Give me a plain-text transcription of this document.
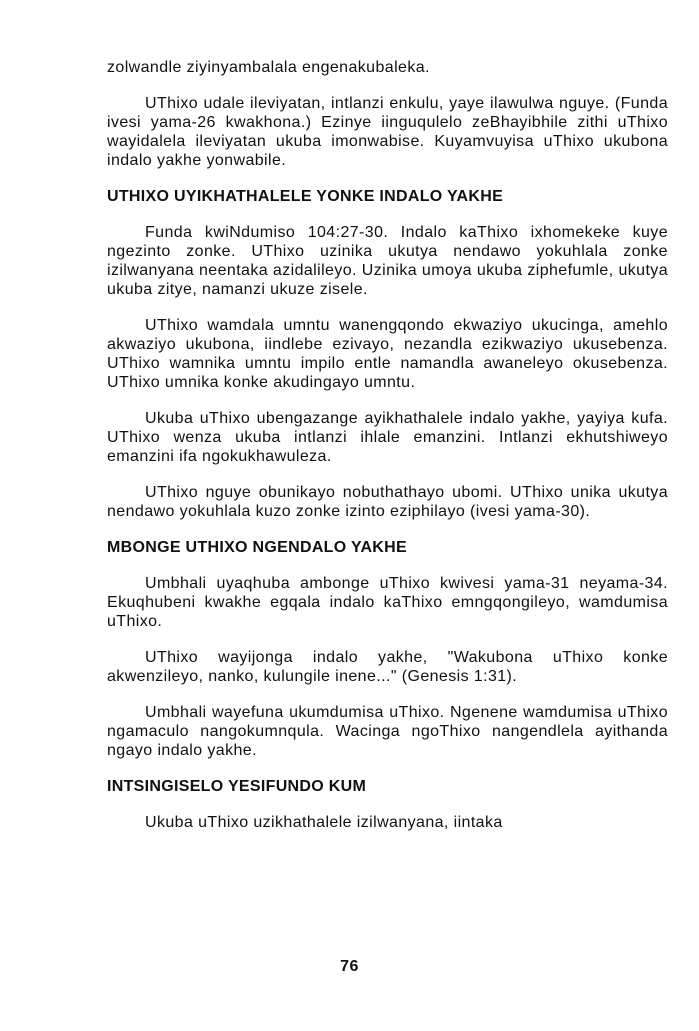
zolwandle ziyinyambalala engenakubaleka.

UThixo udale ileviyatan, intlanzi enkulu, yaye ilawulwa nguye. (Funda ivesi yama-26 kwakhona.) Ezinye iinguqulelo zeBhayibhile zithi uThixo wayidalela ileviyatan ukuba imonwabise. Kuyamvuyisa uThixo ukubona indalo yakhe yonwabile.

UTHIXO UYIKHATHALELE YONKE INDALO YAKHE

Funda kwiNdumiso 104:27-30. Indalo kaThixo ixhomekeke kuye ngezinto zonke. UThixo uzinika ukutya nendawo yokuhlala zonke izilwanyana neentaka azidalileyo. Uzinika umoya ukuba ziphefumle, ukutya ukuba zitye, namanzi ukuze zisele.

UThixo wamdala umntu wanengqondo ekwaziyo ukucinga, amehlo akwaziyo ukubona, iindlebe ezivayo, nezandla ezikwaziyo ukusebenza. UThixo wamnika umntu impilo entle namandla awaneleyo okusebenza. UThixo umnika konke akudingayo umntu.

Ukuba uThixo ubengazange ayikhathalele indalo yakhe, yayiya kufa. UThixo wenza ukuba intlanzi ihlale emanzini. Intlanzi ekhutshiweyo emanzini ifa ngokukhawuleza.

UThixo nguye obunikayo nobuthathayo ubomi. UThixo unika ukutya nendawo yokuhlala kuzo zonke izinto eziphilayo (ivesi yama-30).

MBONGE UTHIXO NGENDALO YAKHE

Umbhali uyaqhuba ambonge uThixo kwivesi yama-31 neyama-34. Ekuqhubeni kwakhe egqala indalo kaThixo emngqongileyo, wamdumisa uThixo.

UThixo wayijonga indalo yakhe, "Wakubona uThixo konke akwenzileyo, nanko, kulungile inene..." (Genesis 1:31).

Umbhali wayefuna ukumdumisa uThixo. Ngenene wamdumisa uThixo ngamaculo nangokumnqula. Wacinga ngoThixo nangendlela ayithanda ngayo indalo yakhe.

INTSINGISELO YESIFUNDO KUM

Ukuba uThixo uzikhathalele izilwanyana, iintaka

76
